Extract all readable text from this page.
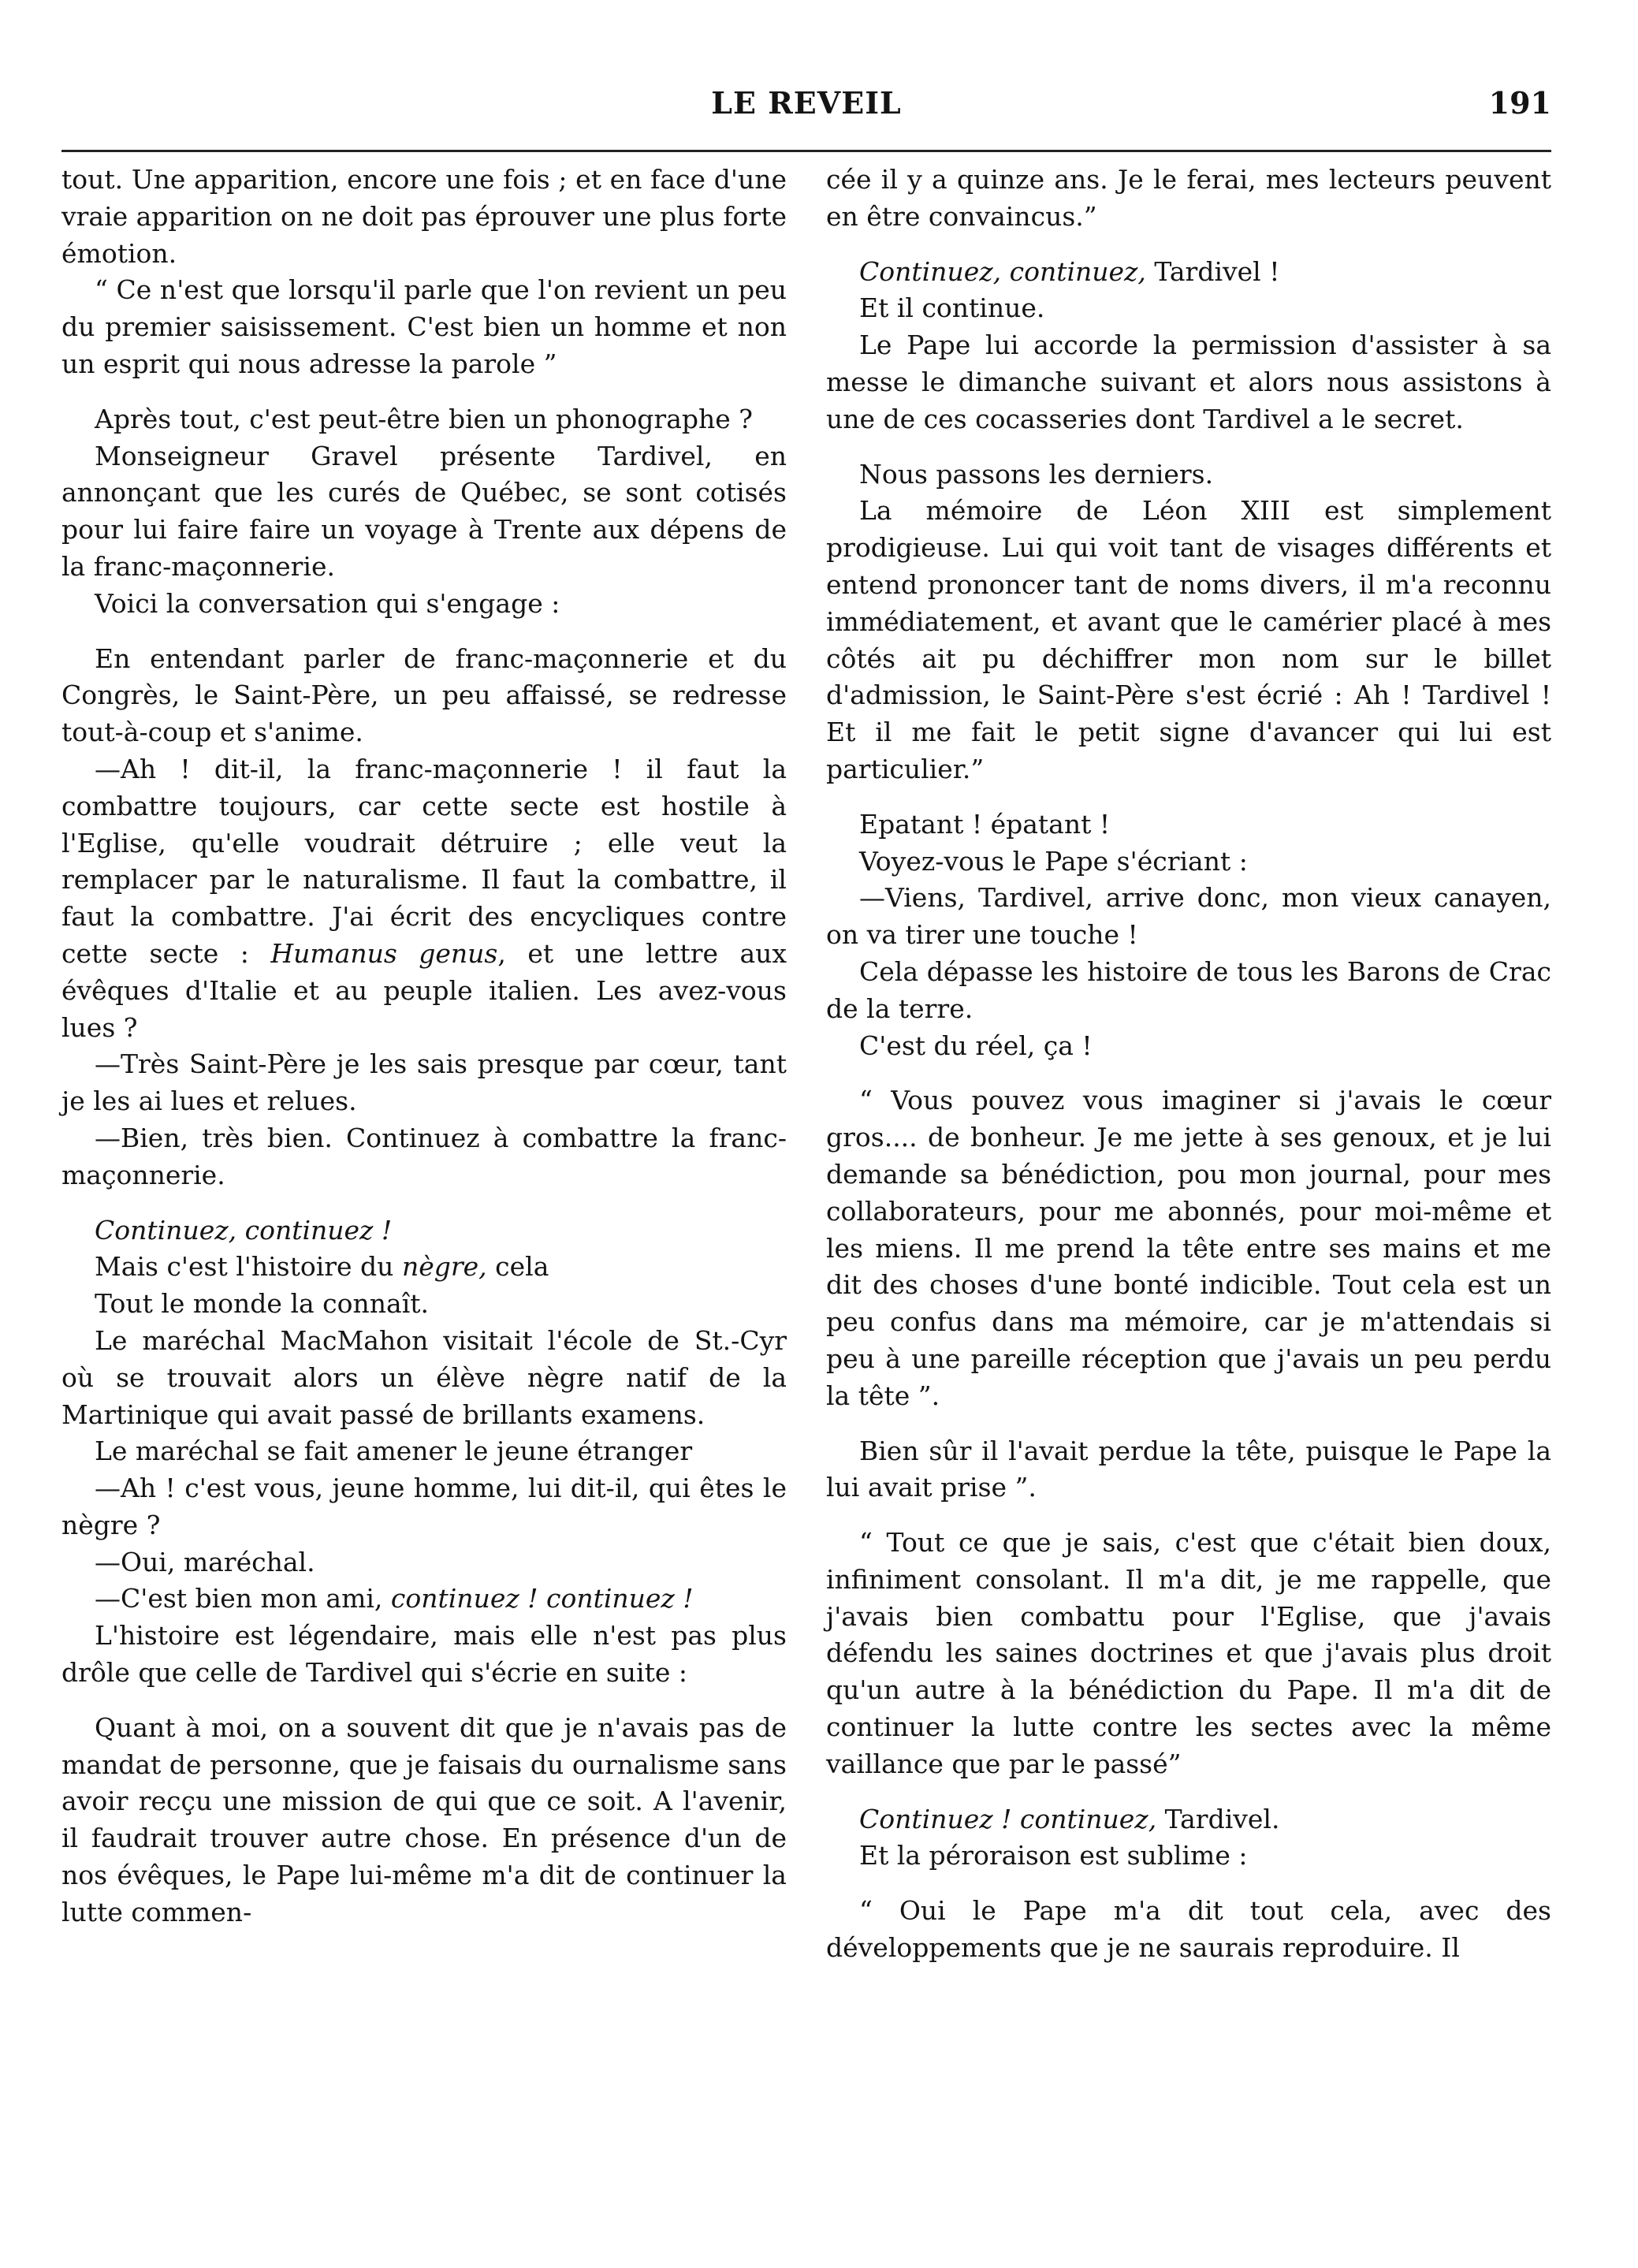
LE REVEIL	191

tout. Une apparition, encore une fois ; et en face d'une vraie apparition on ne doit pas éprouver une plus forte émotion.

“ Ce n'est que lorsqu'il parle que l'on revient un peu du premier saisissement. C'est bien un homme et non un esprit qui nous adresse la parole ”

Après tout, c'est peut-être bien un phonographe ?

Monseigneur Gravel présente Tardivel, en annonçant que les curés de Québec, se sont cotisés pour lui faire faire un voyage à Trente aux dépens de la franc-maçonnerie.

Voici la conversation qui s'engage :

En entendant parler de franc-maçonnerie et du Congrès, le Saint-Père, un peu affaissé, se redresse tout-à-coup et s'anime.

—Ah ! dit-il, la franc-maçonnerie ! il faut la combattre toujours, car cette secte est hostile à l'Eglise, qu'elle voudrait détruire ; elle veut la remplacer par le naturalisme. Il faut la combattre, il faut la combattre. J'ai écrit des encycliques contre cette secte : Humanus genus, et une lettre aux évêques d'Italie et au peuple italien. Les avez-vous lues ?

—Très Saint-Père je les sais presque par cœur, tant je les ai lues et relues.

—Bien, très bien. Continuez à combattre la franc-maçonnerie.

Continuez, continuez !

Mais c'est l'histoire du nègre, cela

Tout le monde la connaît.

Le maréchal MacMahon visitait l'école de St.-Cyr où se trouvait alors un élève nègre natif de la Martinique qui avait passé de brillants examens.

Le maréchal se fait amener le jeune étranger

—Ah ! c'est vous, jeune homme, lui dit-il, qui êtes le nègre ?

—Oui, maréchal.

—C'est bien mon ami, continuez ! continuez !

L'histoire est légendaire, mais elle n'est pas plus drôle que celle de Tardivel qui s'écrie en suite :

Quant à moi, on a souvent dit que je n'avais pas de mandat de personne, que je faisais du ournalisme sans avoir recçu une mission de qui que ce soit. A l'avenir, il faudrait trouver autre chose. En présence d'un de nos évêques, le Pape lui-même m'a dit de continuer la lutte commen-

cée il y a quinze ans. Je le ferai, mes lecteurs peuvent en être convaincus.”

Continuez, continuez, Tardivel !

Et il continue.

Le Pape lui accorde la permission d'assister à sa messe le dimanche suivant et alors nous assistons à une de ces cocasseries dont Tardivel a le secret.

Nous passons les derniers.

La mémoire de Léon XIII est simplement prodigieuse. Lui qui voit tant de visages différents et entend prononcer tant de noms divers, il m'a reconnu immédiatement, et avant que le camérier placé à mes côtés ait pu déchiffrer mon nom sur le billet d'admission, le Saint-Père s'est écrié : Ah ! Tardivel ! Et il me fait le petit signe d'avancer qui lui est particulier.”

Epatant ! épatant !

Voyez-vous le Pape s'écriant :

—Viens, Tardivel, arrive donc, mon vieux canayen, on va tirer une touche !

Cela dépasse les histoire de tous les Barons de Crac de la terre.

C'est du réel, ça !

“ Vous pouvez vous imaginer si j'avais le cœur gros.... de bonheur. Je me jette à ses genoux, et je lui demande sa bénédiction, pou mon journal, pour mes collaborateurs, pour me abonnés, pour moi-même et les miens. Il me prend la tête entre ses mains et me dit des choses d'une bonté indicible. Tout cela est un peu confus dans ma mémoire, car je m'attendais si peu à une pareille réception que j'avais un peu perdu la tête ”.

Bien sûr il l'avait perdue la tête, puisque le Pape la lui avait prise ”.

“ Tout ce que je sais, c'est que c'était bien doux, infiniment consolant. Il m'a dit, je me rappelle, que j'avais bien combattu pour l'Eglise, que j'avais défendu les saines doctrines et que j'avais plus droit qu'un autre à la bénédiction du Pape. Il m'a dit de continuer la lutte contre les sectes avec la même vaillance que par le passé”

Continuez ! continuez, Tardivel.

Et la péroraison est sublime :

“ Oui le Pape m'a dit tout cela, avec des développements que je ne saurais reproduire. Il
